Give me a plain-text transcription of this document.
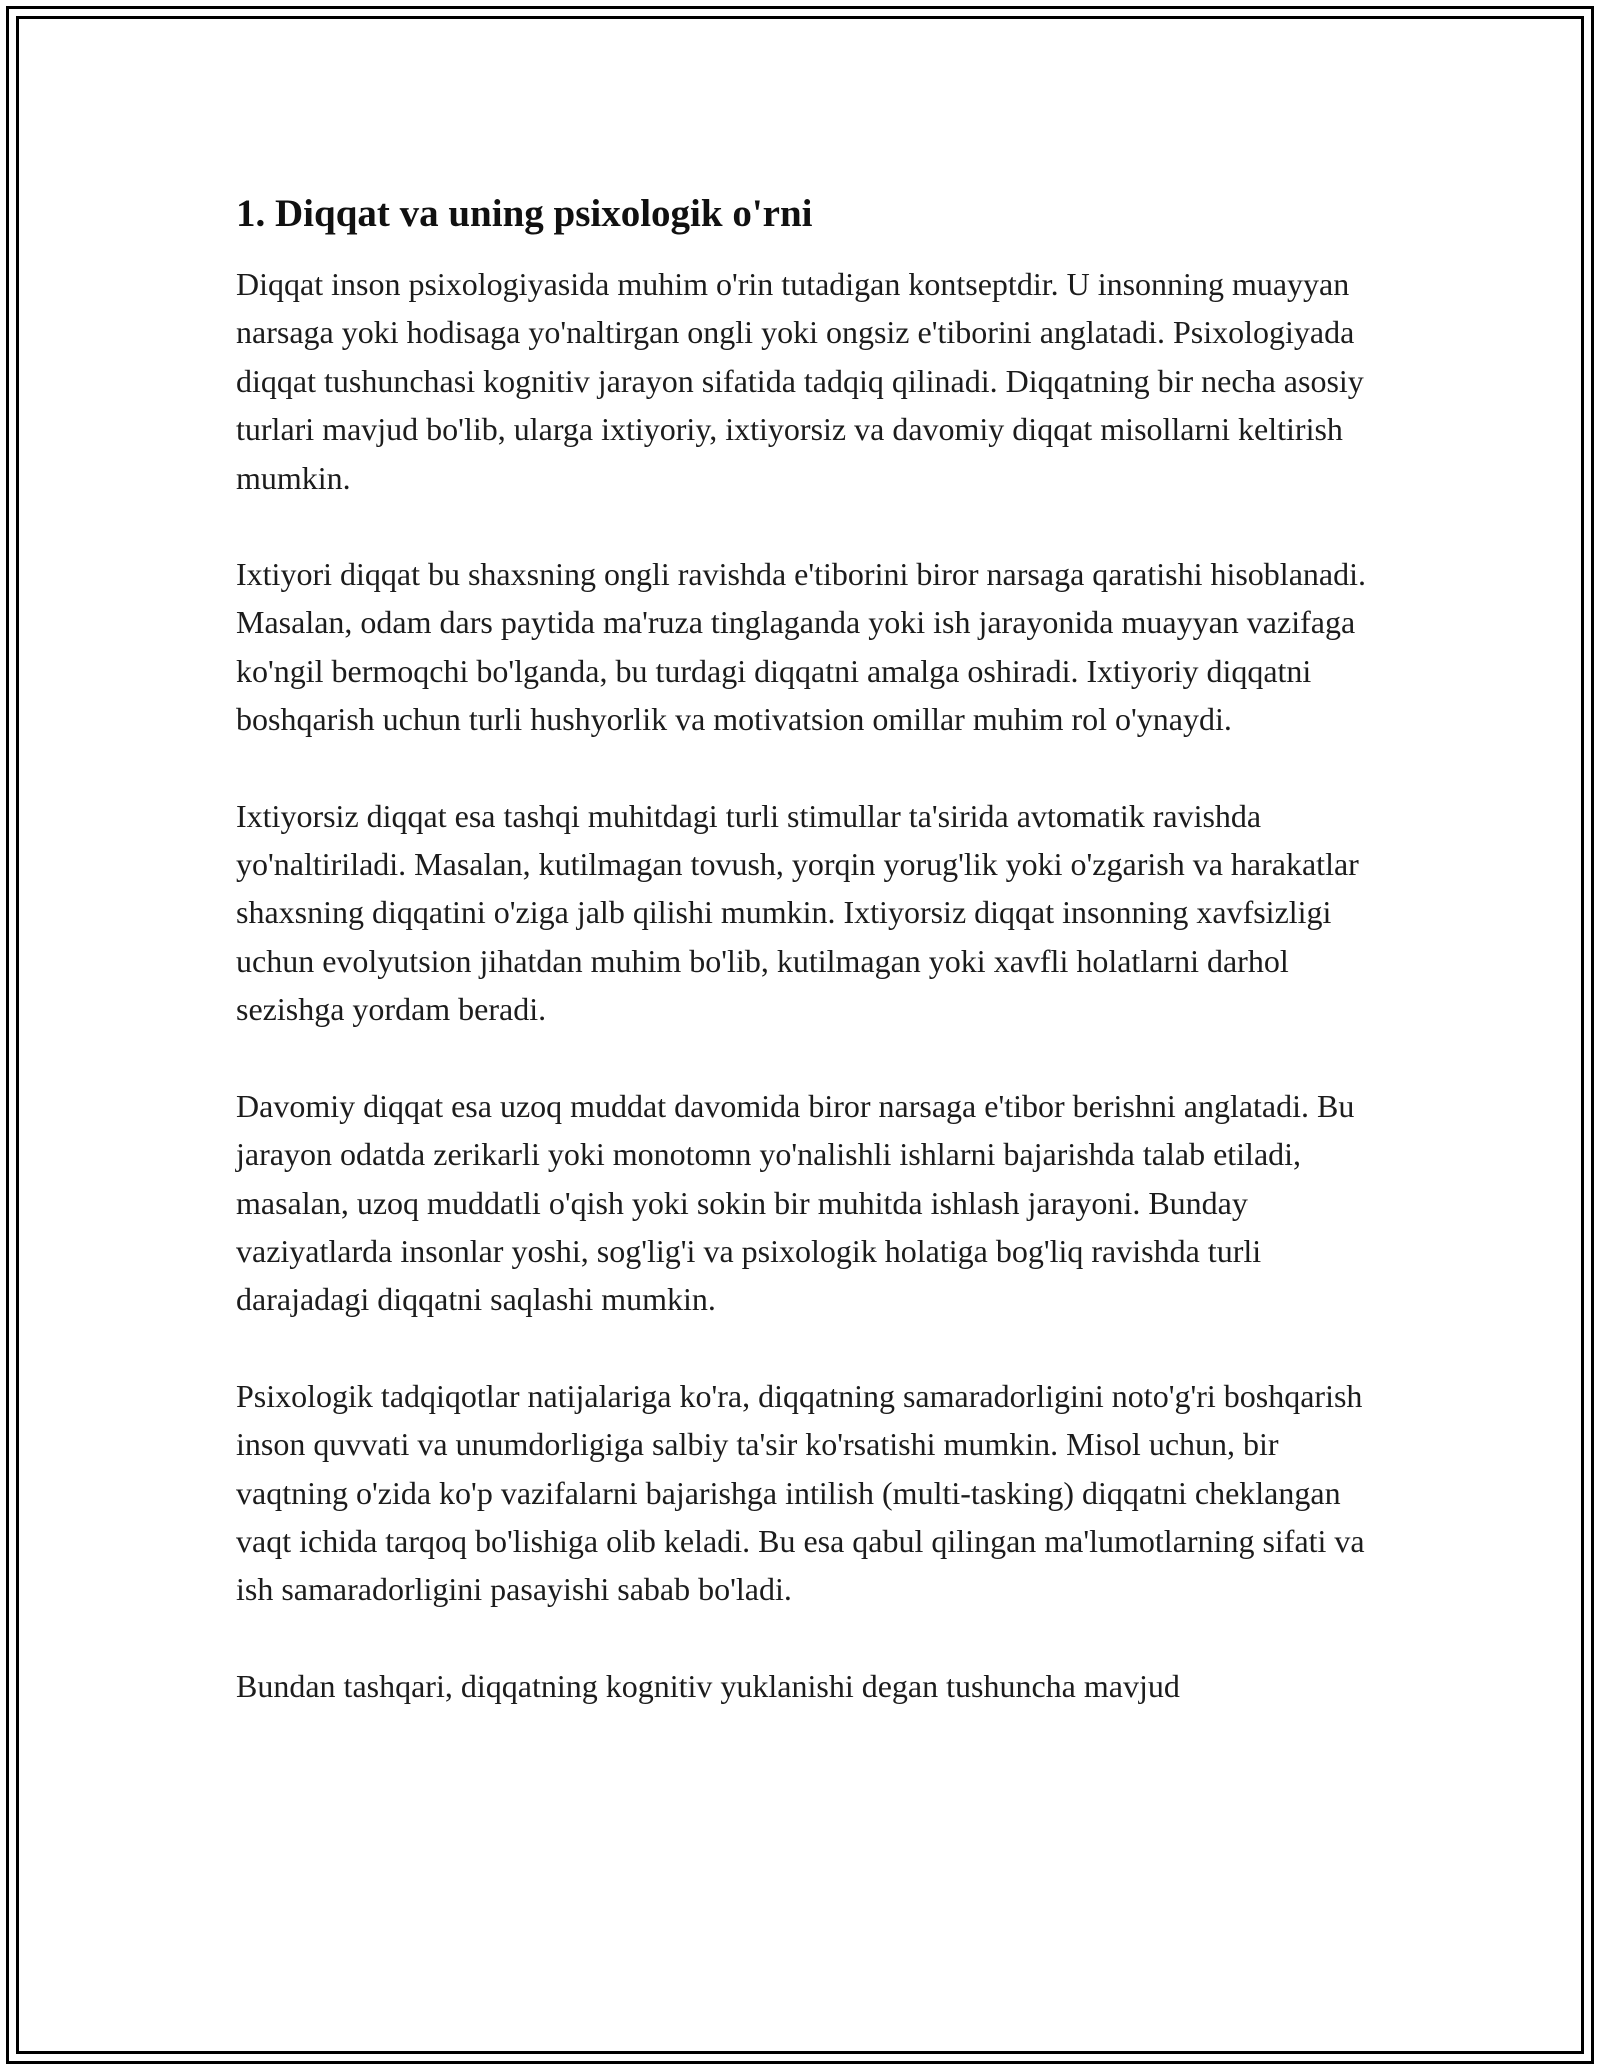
1. Diqqat va uning psixologik o'rni

Diqqat inson psixologiyasida muhim o'rin tutadigan kontseptdir. U insonning muayyan narsaga yoki hodisaga yo'naltirgan ongli yoki ongsiz e'tiborini anglatadi. Psixologiyada diqqat tushunchasi kognitiv jarayon sifatida tadqiq qilinadi. Diqqatning bir necha asosiy turlari mavjud bo'lib, ularga ixtiyoriy, ixtiyorsiz va davomiy diqqat misollarni keltirish mumkin.

Ixtiyori diqqat bu shaxsning ongli ravishda e'tiborini biror narsaga qaratishi hisoblanadi. Masalan, odam dars paytida ma'ruza tinglaganda yoki ish jarayonida muayyan vazifaga ko'ngil bermoqchi bo'lganda, bu turdagi diqqatni amalga oshiradi. Ixtiyoriy diqqatni boshqarish uchun turli hushyorlik va motivatsion omillar muhim rol o'ynaydi.

Ixtiyorsiz diqqat esa tashqi muhitdagi turli stimullar ta'sirida avtomatik ravishda yo'naltiriladi. Masalan, kutilmagan tovush, yorqin yorug'lik yoki o'zgarish va harakatlar shaxsning diqqatini o'ziga jalb qilishi mumkin. Ixtiyorsiz diqqat insonning xavfsizligi uchun evolyutsion jihatdan muhim bo'lib, kutilmagan yoki xavfli holatlarni darhol sezishga yordam beradi.

Davomiy diqqat esa uzoq muddat davomida biror narsaga e'tibor berishni anglatadi. Bu jarayon odatda zerikarli yoki monotomn yo'nalishli ishlarni bajarishda talab etiladi, masalan, uzoq muddatli o'qish yoki sokin bir muhitda ishlash jarayoni. Bunday vaziyatlarda insonlar yoshi, sog'lig'i va psixologik holatiga bog'liq ravishda turli darajadagi diqqatni saqlashi mumkin.

Psixologik tadqiqotlar natijalariga ko'ra, diqqatning samaradorligini noto'g'ri boshqarish inson quvvati va unumdorligiga salbiy ta'sir ko'rsatishi mumkin. Misol uchun, bir vaqtning o'zida ko'p vazifalarni bajarishga intilish (multi-tasking) diqqatni cheklangan vaqt ichida tarqoq bo'lishiga olib keladi. Bu esa qabul qilingan ma'lumotlarning sifati va ish samaradorligini pasayishi sabab bo'ladi.

Bundan tashqari, diqqatning kognitiv yuklanishi degan tushuncha mavjud
